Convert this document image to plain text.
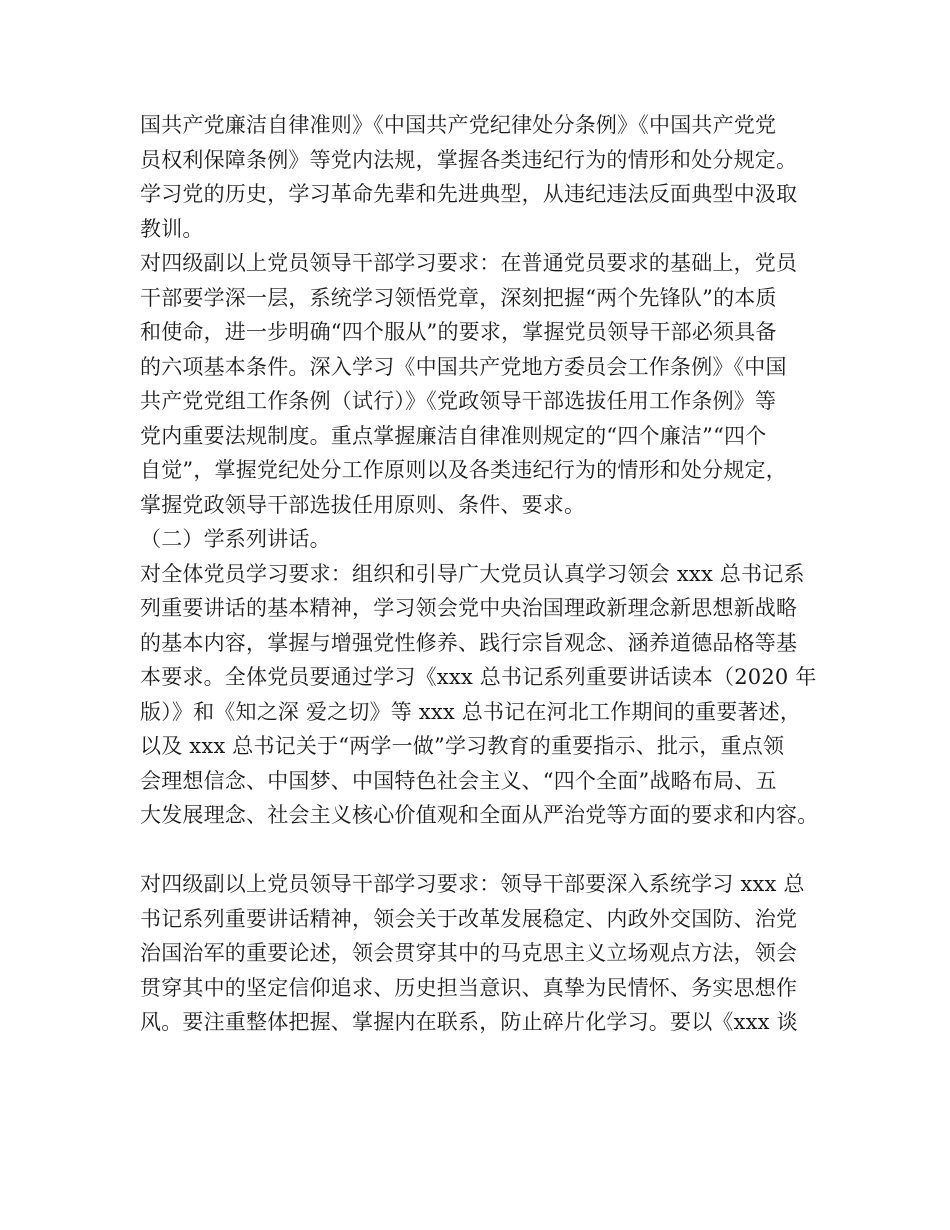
国共产党廉洁自律准则》《中国共产党纪律处分条例》《中国共产党党
员权利保障条例》等党内法规，掌握各类违纪行为的情形和处分规定。
学习党的历史，学习革命先辈和先进典型，从违纪违法反面典型中汲取
教训。
对四级副以上党员领导干部学习要求：在普通党员要求的基础上，党员
干部要学深一层，系统学习领悟党章，深刻把握“两个先锋队”的本质
和使命，进一步明确“四个服从”的要求，掌握党员领导干部必须具备
的六项基本条件。深入学习《中国共产党地方委员会工作条例》《中国
共产党党组工作条例（试行）》《党政领导干部选拔任用工作条例》等
党内重要法规制度。重点掌握廉洁自律准则规定的“四个廉洁”“四个
自觉”，掌握党纪处分工作原则以及各类违纪行为的情形和处分规定，
掌握党政领导干部选拔任用原则、条件、要求。
（二）学系列讲话。
对全体党员学习要求：组织和引导广大党员认真学习领会 xxx 总书记系
列重要讲话的基本精神，学习领会党中央治国理政新理念新思想新战略
的基本内容，掌握与增强党性修养、践行宗旨观念、涵养道德品格等基
本要求。全体党员要通过学习《xxx 总书记系列重要讲话读本（2020 年
版）》和《知之深 爱之切》等 xxx 总书记在河北工作期间的重要著述，
以及 xxx 总书记关于“两学一做”学习教育的重要指示、批示，重点领
会理想信念、中国梦、中国特色社会主义、“四个全面”战略布局、五
大发展理念、社会主义核心价值观和全面从严治党等方面的要求和内容。
对四级副以上党员领导干部学习要求：领导干部要深入系统学习 xxx 总
书记系列重要讲话精神，领会关于改革发展稳定、内政外交国防、治党
治国治军的重要论述，领会贯穿其中的马克思主义立场观点方法，领会
贯穿其中的坚定信仰追求、历史担当意识、真挚为民情怀、务实思想作
风。要注重整体把握、掌握内在联系，防止碎片化学习。要以《xxx 谈
